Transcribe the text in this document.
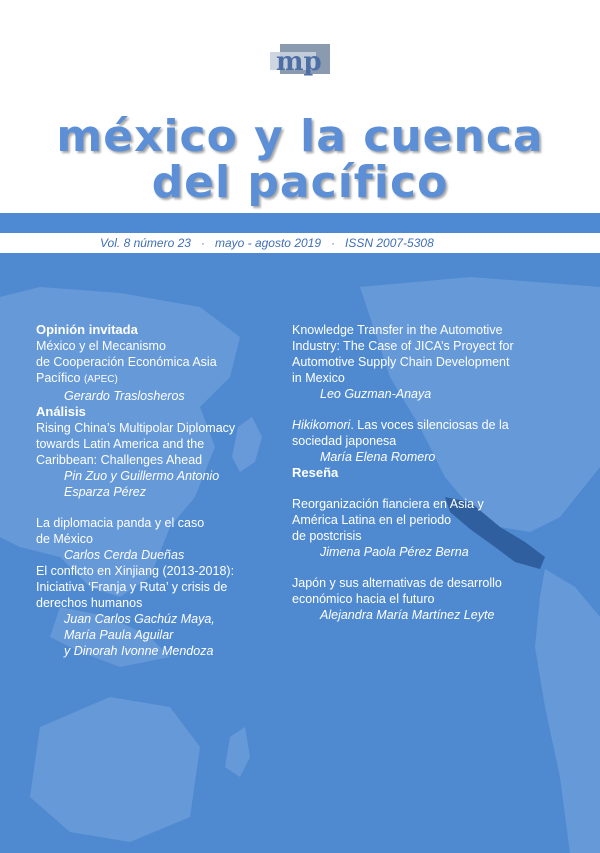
mp
méxico y la cuenca
del pacífico
Vol. 8 número 23   ·   mayo - agosto 2019   ·   ISSN 2007-5308
Opinión invitada
México y el Mecanismo
de Cooperación Económica Asia
Pacífico (APEC)
Gerardo Traslosheros
Análisis
Rising China’s Multipolar Diplomacy
towards Latin America and the
Caribbean: Challenges Ahead
Pin Zuo y Guillermo Antonio
Esparza Pérez
La diplomacia panda y el caso
de México
Carlos Cerda Dueñas
El conflcto en Xinjiang (2013-2018):
Iniciativa ‘Franja y Ruta’ y crisis de
derechos humanos
Juan Carlos Gachúz Maya,
María Paula Aguilar
y Dinorah Ivonne Mendoza
Knowledge Transfer in the Automotive
Industry: The Case of JICA’s Proyect for
Automotive Supply Chain Development
in Mexico
Leo Guzman-Anaya
Hikikomori. Las voces silenciosas de la
sociedad japonesa
María Elena Romero
Reseña
Reorganización fianciera en Asia y
América Latina en el periodo
de postcrisis
Jimena Paola Pérez Berna
Japón y sus alternativas de desarrollo
económico hacia el futuro
Alejandra María Martínez Leyte
